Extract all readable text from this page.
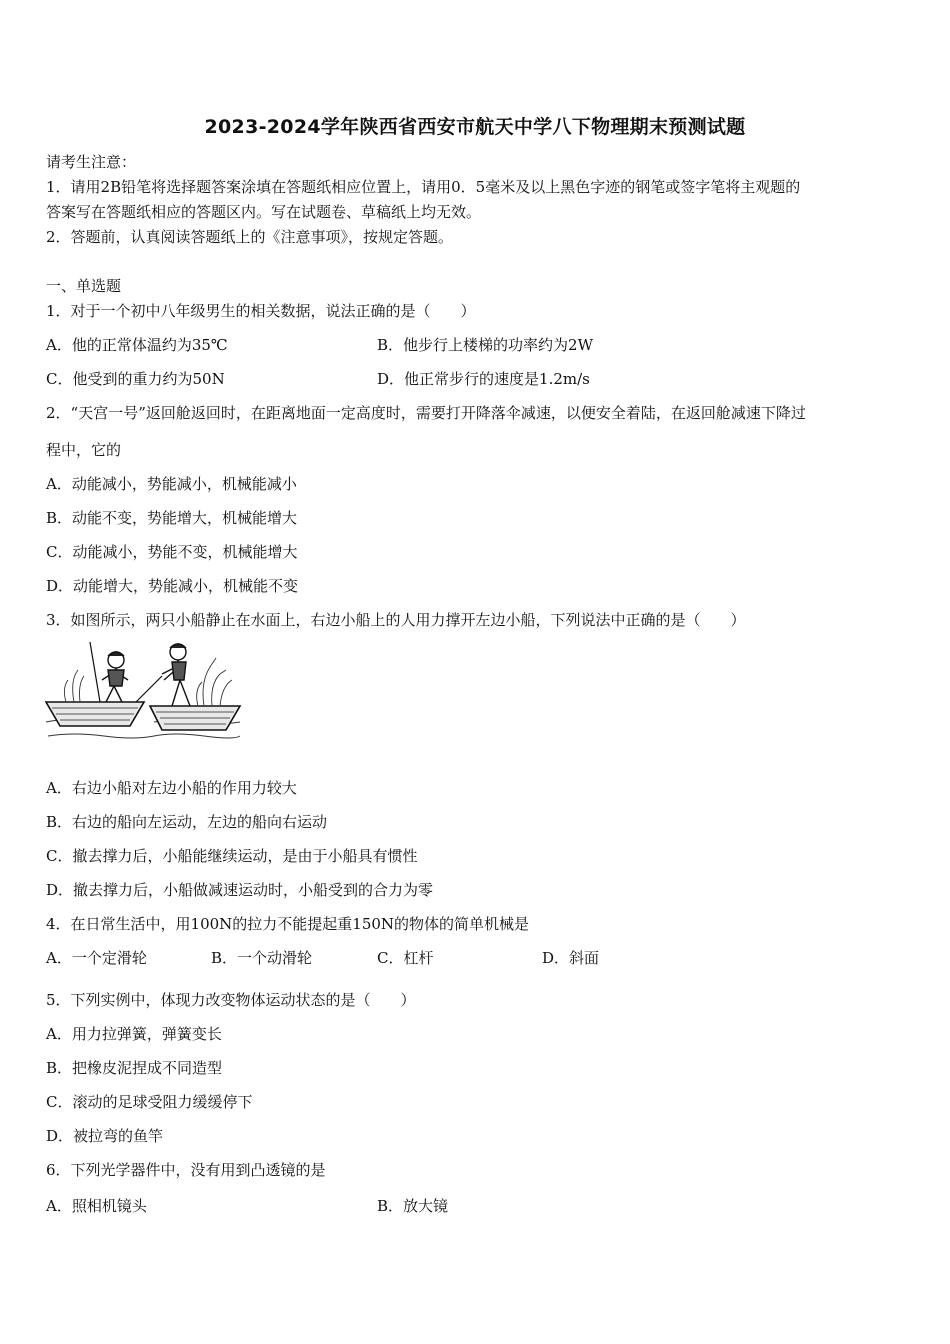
2023-2024学年陕西省西安市航天中学八下物理期末预测试题
请考生注意：
1．请用2B铅笔将选择题答案涂填在答题纸相应位置上，请用0．5毫米及以上黑色字迹的钢笔或签字笔将主观题的
答案写在答题纸相应的答题区内。写在试题卷、草稿纸上均无效。
2．答题前，认真阅读答题纸上的《注意事项》，按规定答题。
一、单选题
1．对于一个初中八年级男生的相关数据，说法正确的是（　　）
A．他的正常体温约为35℃	B．他步行上楼梯的功率约为2W
C．他受到的重力约为50N	D．他正常步行的速度是1.2m/s
2．“天宫一号”返回舱返回时，在距离地面一定高度时，需要打开降落伞减速，以便安全着陆，在返回舱减速下降过
程中，它的
A．动能减小，势能减小，机械能减小
B．动能不变，势能增大，机械能增大
C．动能减小，势能不变，机械能增大
D．动能增大，势能减小，机械能不变
3．如图所示，两只小船静止在水面上，右边小船上的人用力撑开左边小船，下列说法中正确的是（　　）
A．右边小船对左边小船的作用力较大
B．右边的船向左运动，左边的船向右运动
C．撤去撑力后，小船能继续运动，是由于小船具有惯性
D．撤去撑力后，小船做减速运动时，小船受到的合力为零
4．在日常生活中，用100N的拉力不能提起重150N的物体的简单机械是
A．一个定滑轮	B．一个动滑轮	C．杠杆	D．斜面
5．下列实例中，体现力改变物体运动状态的是（　　）
A．用力拉弹簧，弹簧变长
B．把橡皮泥捏成不同造型
C．滚动的足球受阻力缓缓停下
D．被拉弯的鱼竿
6．下列光学器件中，没有用到凸透镜的是
A．照相机镜头	B．放大镜
